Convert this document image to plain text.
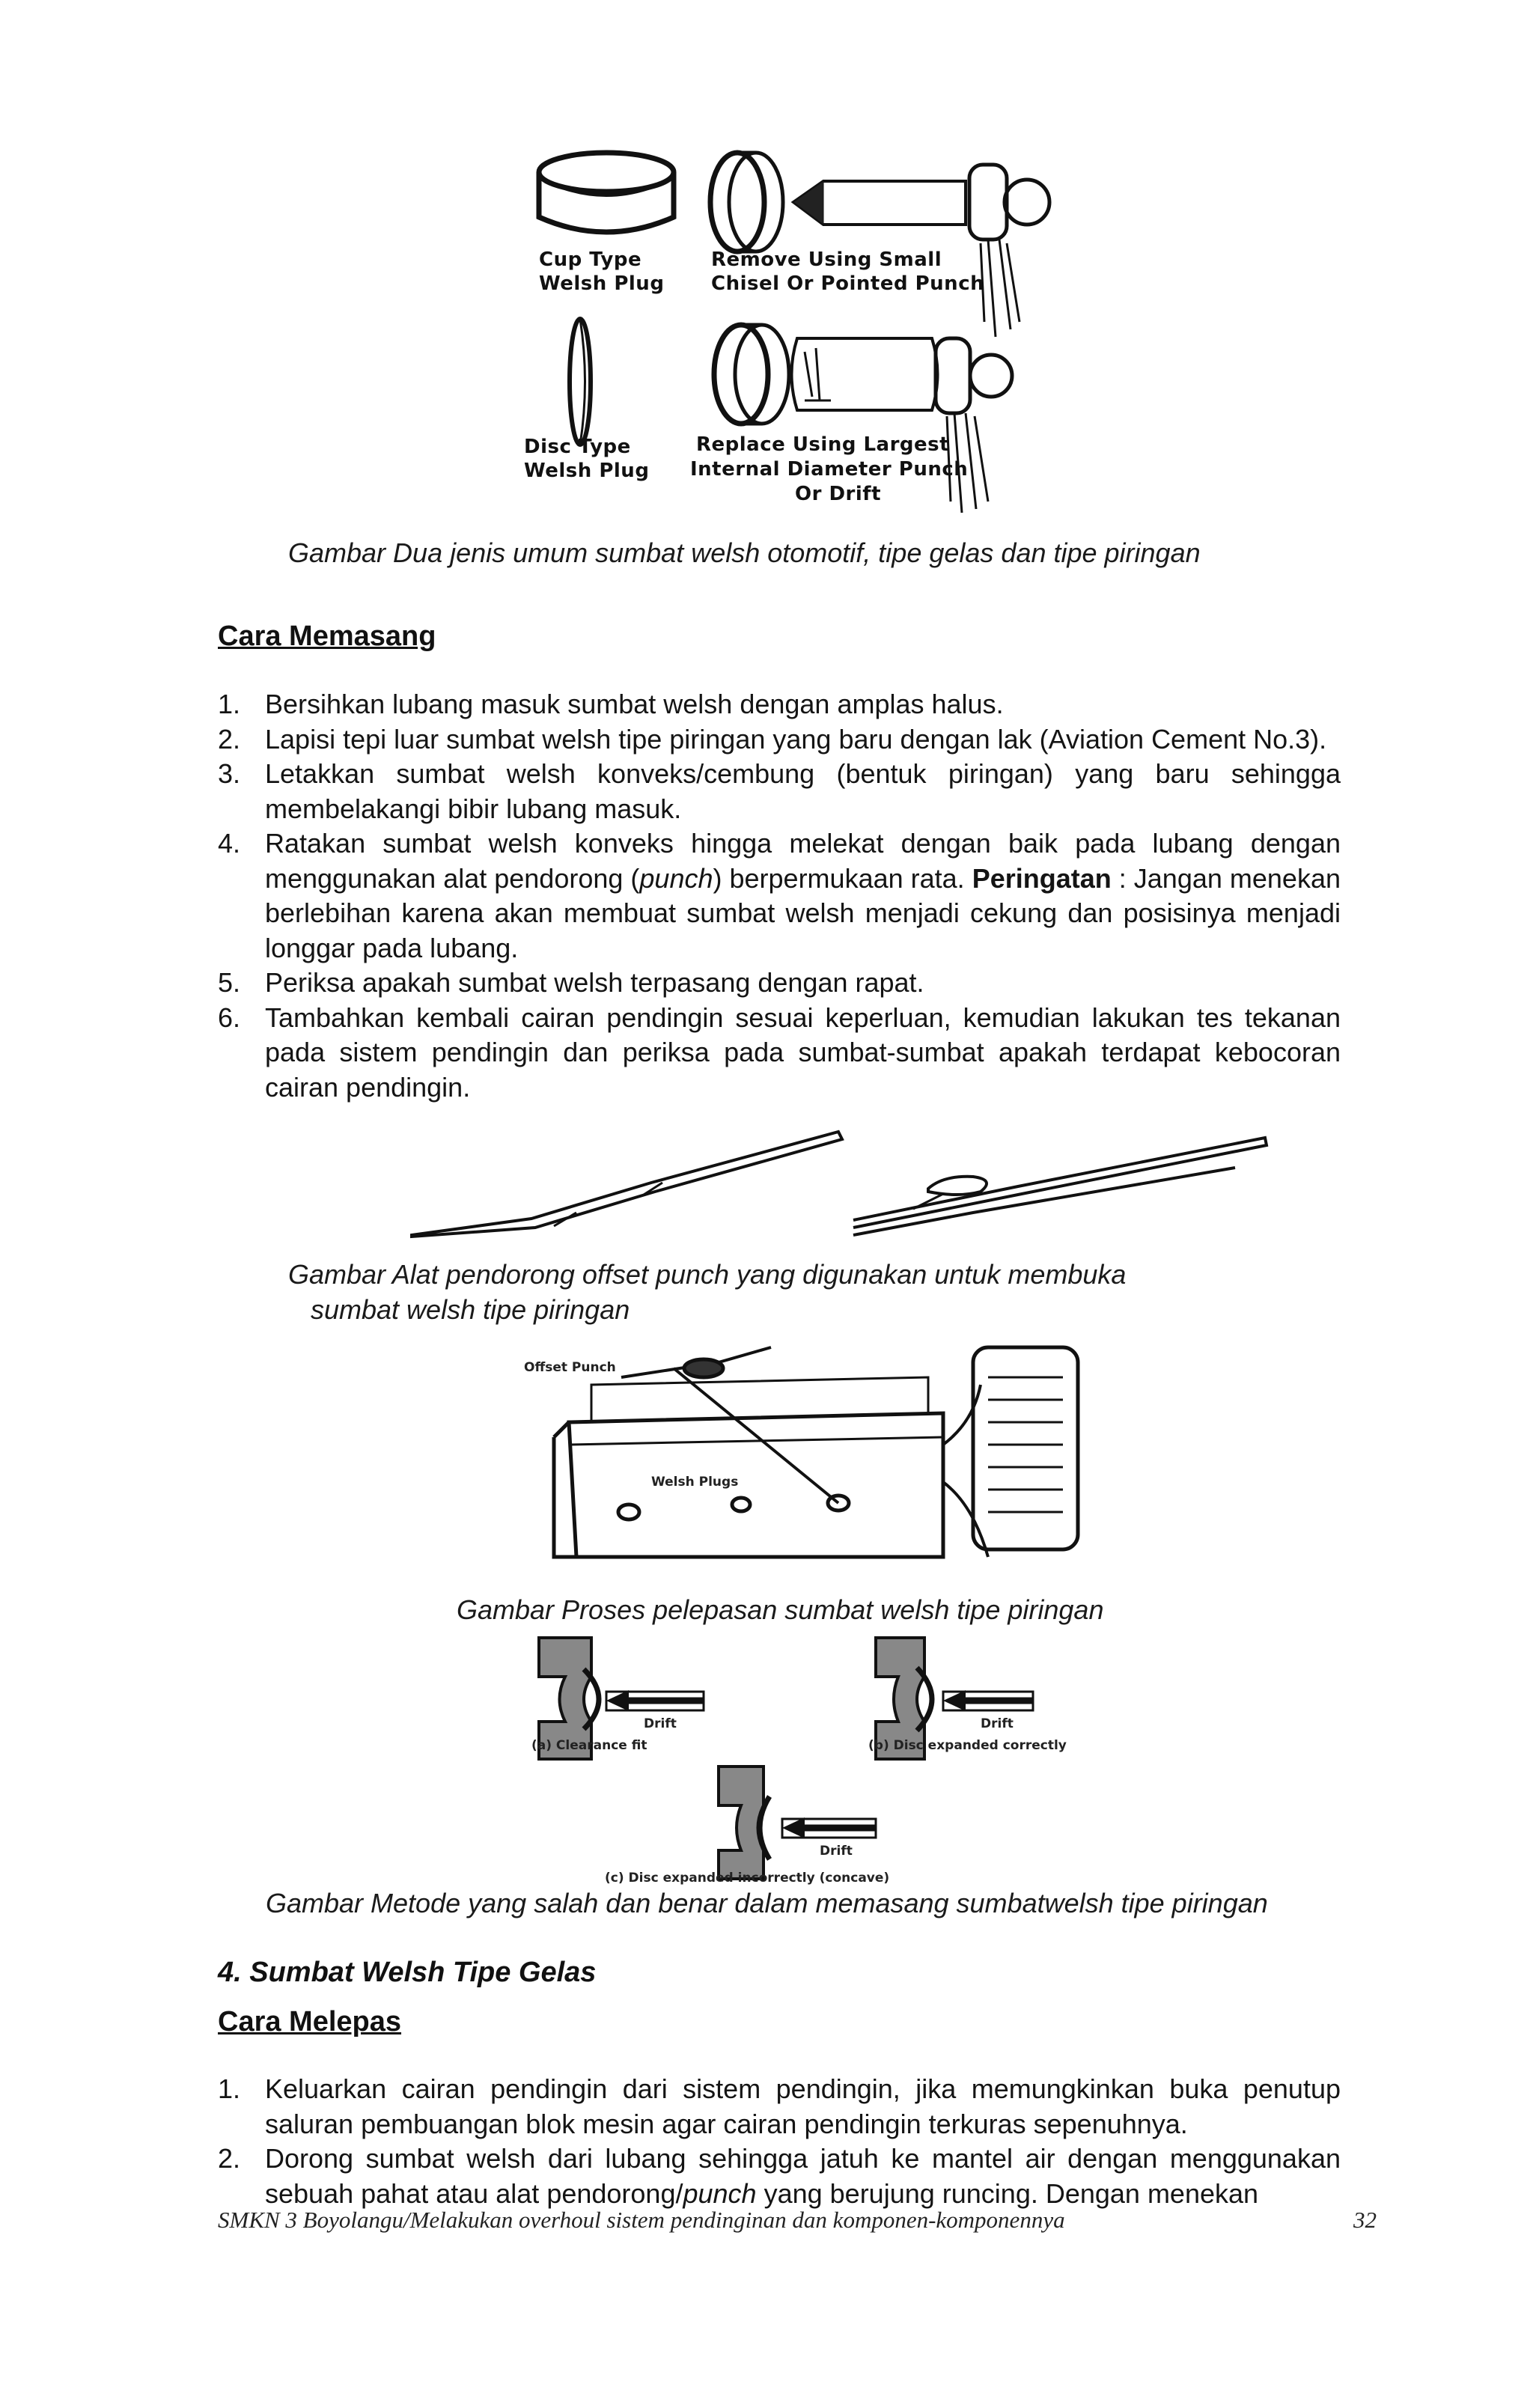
Cup Type
Welsh Plug
Remove Using Small
Chisel Or Pointed Punch
Disc Type
Welsh Plug
Replace Using Largest
Internal Diameter Punch
Or Drift
Gambar Dua jenis umum sumbat welsh otomotif, tipe gelas dan tipe piringan
Cara Memasang
1. Bersihkan lubang masuk sumbat welsh dengan amplas halus.
2. Lapisi tepi luar sumbat welsh tipe piringan yang baru dengan lak (Aviation Cement No.3).
3. Letakkan sumbat welsh konveks/cembung (bentuk piringan) yang baru sehingga membelakangi bibir lubang masuk.
4. Ratakan sumbat welsh konveks hingga melekat dengan baik pada lubang dengan menggunakan alat pendorong (punch) berpermukaan rata. Peringatan : Jangan menekan berlebihan karena akan membuat sumbat welsh menjadi cekung dan posisinya menjadi longgar pada lubang.
5. Periksa apakah sumbat welsh terpasang dengan rapat.
6. Tambahkan kembali cairan pendingin sesuai keperluan, kemudian lakukan tes tekanan pada sistem pendingin dan periksa pada sumbat-sumbat apakah terdapat kebocoran cairan pendingin.
Gambar Alat pendorong offset punch yang digunakan untuk membuka
sumbat welsh tipe piringan
Offset Punch
Welsh Plugs
Gambar Proses pelepasan sumbat welsh tipe piringan
Drift
(a) Clearance fit
Drift
(b) Disc expanded correctly
Drift
(c) Disc expanded incorrectly (concave)
Gambar Metode yang salah dan benar dalam memasang sumbatwelsh tipe piringan
4. Sumbat Welsh Tipe Gelas
Cara Melepas
1. Keluarkan cairan pendingin dari sistem pendingin, jika memungkinkan buka penutup saluran pembuangan blok mesin agar cairan pendingin terkuras sepenuhnya.
2. Dorong sumbat welsh dari lubang sehingga jatuh ke mantel air dengan menggunakan sebuah pahat atau alat pendorong/punch yang berujung runcing. Dengan menekan
SMKN 3 Boyolangu/Melakukan overhoul sistem pendinginan dan komponen-komponennya	32
